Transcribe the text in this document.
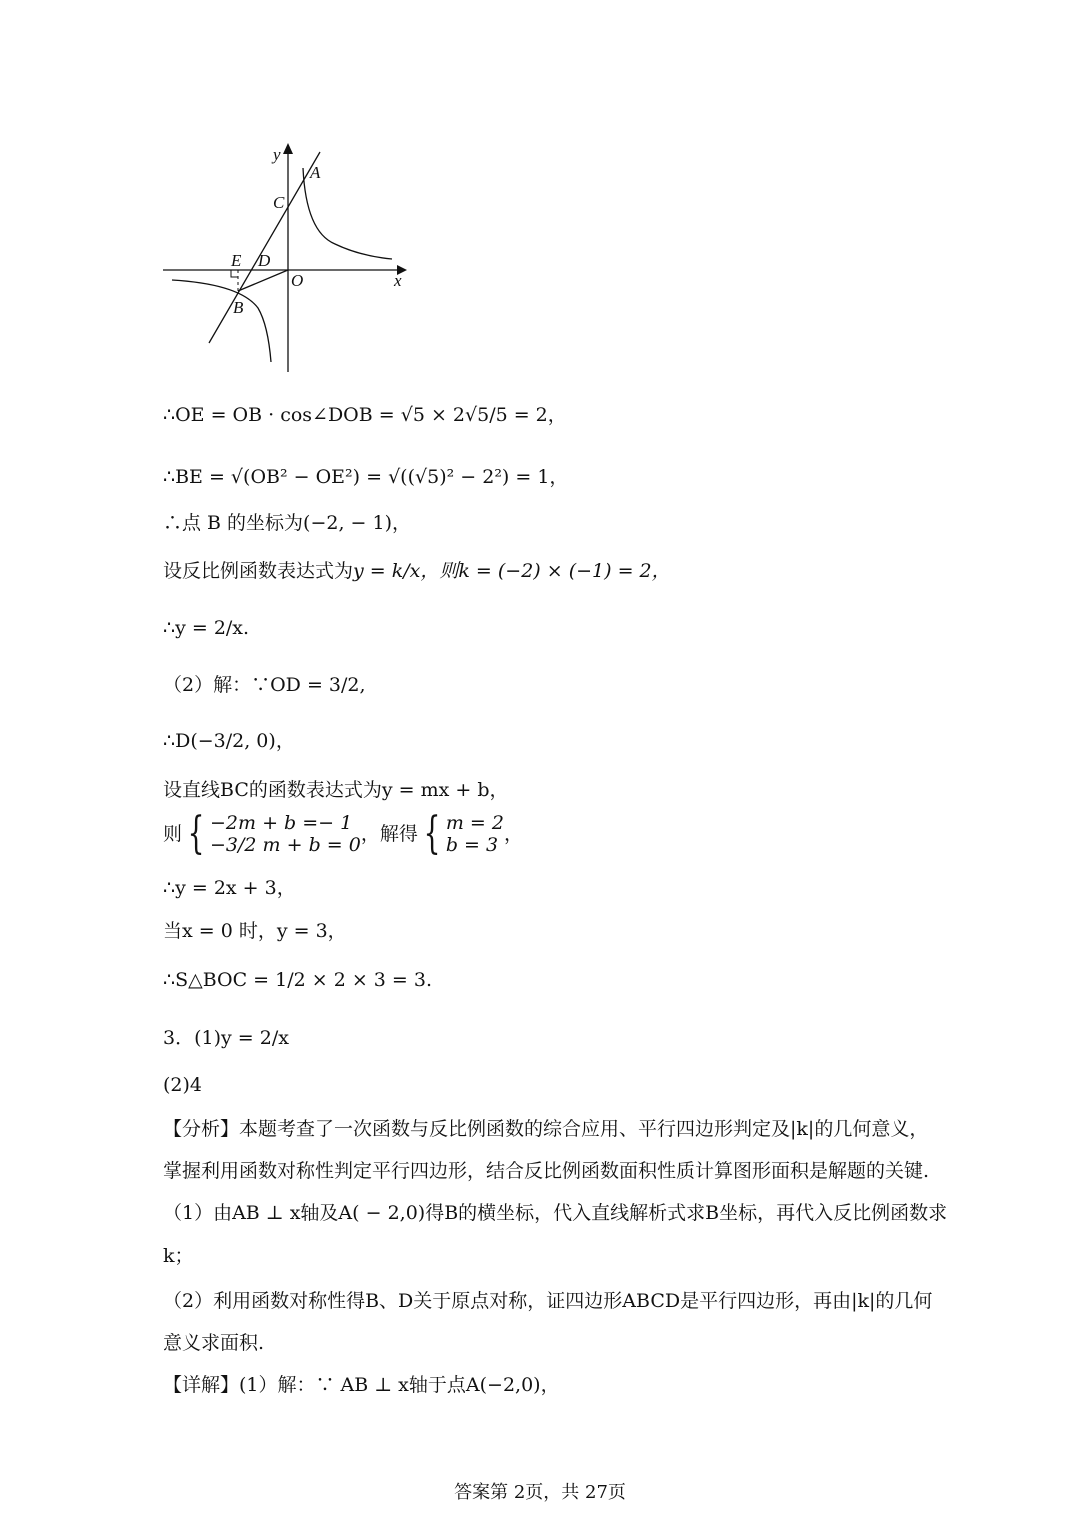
y
A
C
E D
O	x
B
∴OE = OB · cos∠DOB = √5 × 2√5/5 = 2，
∴BE = √(OB² − OE²) = √((√5)² − 2²) = 1，
∴点 B 的坐标为(−2, − 1)，
设反比例函数表达式为y = k/x，则k = (−2) × (−1) = 2，
∴y = 2/x.
（2）解：∵OD = 3/2,
∴D(−3/2, 0)，
设直线BC的函数表达式为y = mx + b，
则 { −2m + b =− 1
−3/2 m + b = 0 ，解得 { m = 2
b = 3 ，
∴y = 2x + 3，
当x = 0 时，y = 3，
∴S△BOC = 1/2 × 2 × 3 = 3.
3．(1)y = 2/x
(2)4
【分析】本题考查了一次函数与反比例函数的综合应用、平行四边形判定及|k|的几何意义，
掌握利用函数对称性判定平行四边形，结合反比例函数面积性质计算图形面积是解题的关键.
（1）由AB ⊥ x轴及A( − 2,0)得B的横坐标，代入直线解析式求B坐标，再代入反比例函数求
k；
（2）利用函数对称性得B、D关于原点对称，证四边形ABCD是平行四边形，再由|k|的几何
意义求面积.
【详解】(1）解：∵ AB ⊥ x轴于点A(−2,0)，
答案第 2页，共 27页
